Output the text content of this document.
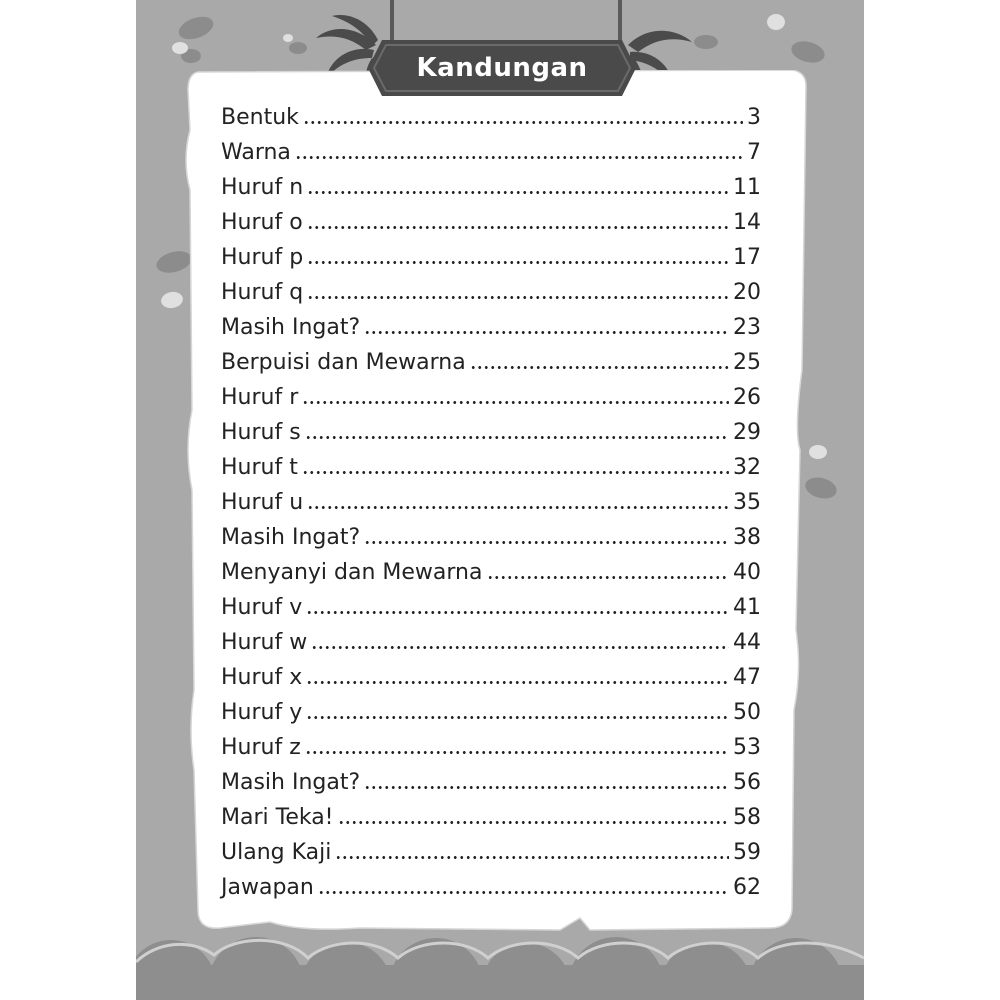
Kandungan
Bentuk	3
Warna	7
Huruf n	11
Huruf o	14
Huruf p	17
Huruf q	20
Masih Ingat?	23
Berpuisi dan Mewarna	25
Huruf r	26
Huruf s	29
Huruf t	32
Huruf u	35
Masih Ingat?	38
Menyanyi dan Mewarna	40
Huruf v	41
Huruf w	44
Huruf x	47
Huruf y	50
Huruf z	53
Masih Ingat?	56
Mari Teka!	58
Ulang Kaji	59
Jawapan	62
